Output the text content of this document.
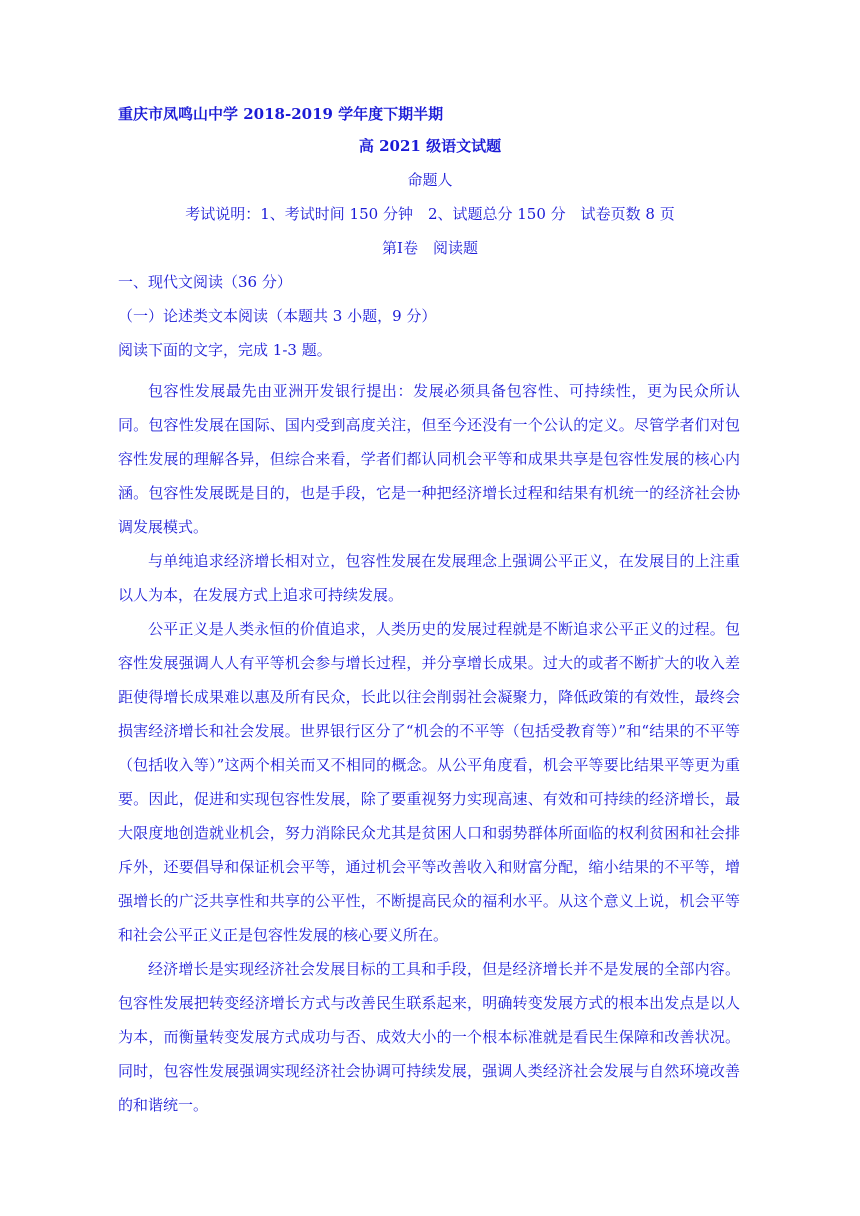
重庆市凤鸣山中学 2018-2019 学年度下期半期
高 2021 级语文试题
命题人
考试说明：1、考试时间 150 分钟　2、试题总分 150 分　试卷页数 8 页
第Ⅰ卷　阅读题
一、现代文阅读（36 分）
（一）论述类文本阅读（本题共 3 小题，9 分）
阅读下面的文字，完成 1-3 题。

包容性发展最先由亚洲开发银行提出：发展必须具备包容性、可持续性，更为民众所认同。包容性发展在国际、国内受到高度关注，但至今还没有一个公认的定义。尽管学者们对包容性发展的理解各异，但综合来看，学者们都认同机会平等和成果共享是包容性发展的核心内涵。包容性发展既是目的，也是手段，它是一种把经济增长过程和结果有机统一的经济社会协调发展模式。

与单纯追求经济增长相对立，包容性发展在发展理念上强调公平正义，在发展目的上注重以人为本，在发展方式上追求可持续发展。

公平正义是人类永恒的价值追求，人类历史的发展过程就是不断追求公平正义的过程。包容性发展强调人人有平等机会参与增长过程，并分享增长成果。过大的或者不断扩大的收入差距使得增长成果难以惠及所有民众，长此以往会削弱社会凝聚力，降低政策的有效性，最终会损害经济增长和社会发展。世界银行区分了“机会的不平等（包括受教育等）”和“结果的不平等　（包括收入等）”这两个相关而又不相同的概念。从公平角度看，机会平等要比结果平等更为重要。因此，促进和实现包容性发展，除了要重视努力实现高速、有效和可持续的经济增长，最大限度地创造就业机会，努力消除民众尤其是贫困人口和弱势群体所面临的权利贫困和社会排斥外，还要倡导和保证机会平等，通过机会平等改善收入和财富分配，缩小结果的不平等，增强增长的广泛共享性和共享的公平性，不断提高民众的福利水平。从这个意义上说，机会平等和社会公平正义正是包容性发展的核心要义所在。

经济增长是实现经济社会发展目标的工具和手段，但是经济增长并不是发展的全部内容。包容性发展把转变经济增长方式与改善民生联系起来，明确转变发展方式的根本出发点是以人为本，而衡量转变发展方式成功与否、成效大小的一个根本标准就是看民生保障和改善状况。同时，包容性发展强调实现经济社会协调可持续发展，强调人类经济社会发展与自然环境改善的和谐统一。
